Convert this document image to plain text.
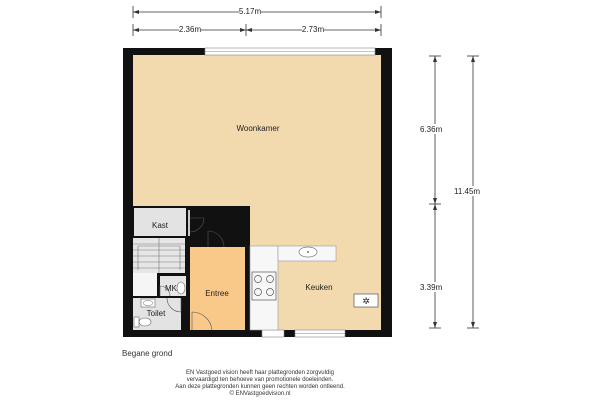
5.17m
2.36m	2.73m
6.36m
11.45m
3.39m
✲
Woonkamer
Kast
Keuken
Entree
MK
Toilet

Begane grond

EN Vastgoed vision heeft haar plattegronden zorgvuldig
vervaardigd ten behoeve van promotionele doeleinden.
Aan deze plattegronden kunnen geen rechten worden ontleend.
© ENVastgoedvision.nl
